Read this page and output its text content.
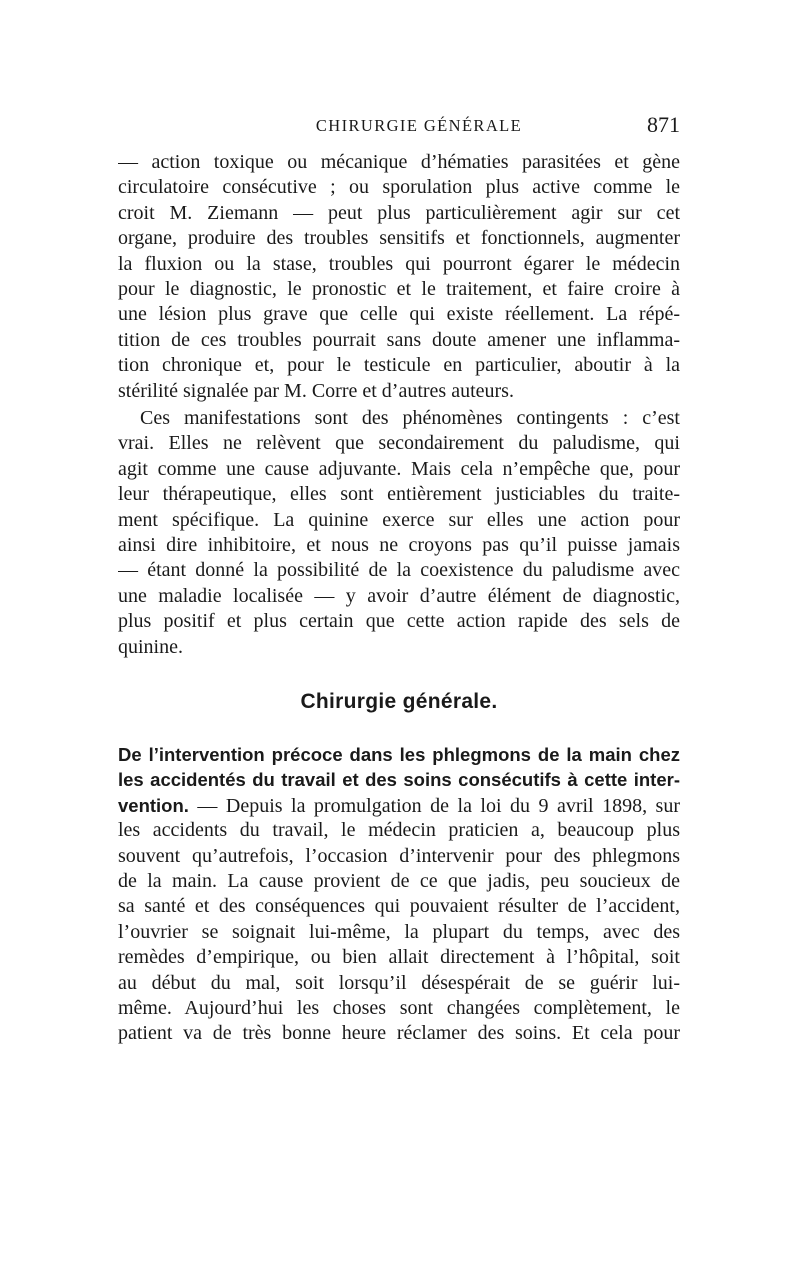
CHIRURGIE GÉNÉRALE	871
— action toxique ou mécanique d’hématies parasitées et gène
circulatoire consécutive ; ou sporulation plus active comme le
croit M. Ziemann — peut plus particulièrement agir sur cet
organe, produire des troubles sensitifs et fonctionnels, augmenter
la fluxion ou la stase, troubles qui pourront égarer le médecin
pour le diagnostic, le pronostic et le traitement, et faire croire à
une lésion plus grave que celle qui existe réellement. La répé-
tition de ces troubles pourrait sans doute amener une inflamma-
tion chronique et, pour le testicule en particulier, aboutir à la
stérilité signalée par M. Corre et d’autres auteurs.
Ces manifestations sont des phénomènes contingents : c’est
vrai. Elles ne relèvent que secondairement du paludisme, qui
agit comme une cause adjuvante. Mais cela n’empêche que, pour
leur thérapeutique, elles sont entièrement justiciables du traite-
ment spécifique. La quinine exerce sur elles une action pour
ainsi dire inhibitoire, et nous ne croyons pas qu’il puisse jamais
— étant donné la possibilité de la coexistence du paludisme avec
une maladie localisée — y avoir d’autre élément de diagnostic,
plus positif et plus certain que cette action rapide des sels de
quinine.
Chirurgie générale.
De l’intervention précoce dans les phlegmons de la main chez
les accidentés du travail et des soins consécutifs à cette inter-
vention. — Depuis la promulgation de la loi du 9 avril 1898, sur
les accidents du travail, le médecin praticien a, beaucoup plus
souvent qu’autrefois, l’occasion d’intervenir pour des phlegmons
de la main. La cause provient de ce que jadis, peu soucieux de
sa santé et des conséquences qui pouvaient résulter de l’accident,
l’ouvrier se soignait lui-même, la plupart du temps, avec des
remèdes d’empirique, ou bien allait directement à l’hôpital, soit
au début du mal, soit lorsqu’il désespérait de se guérir lui-
même. Aujourd’hui les choses sont changées complètement, le
patient va de très bonne heure réclamer des soins. Et cela pour
